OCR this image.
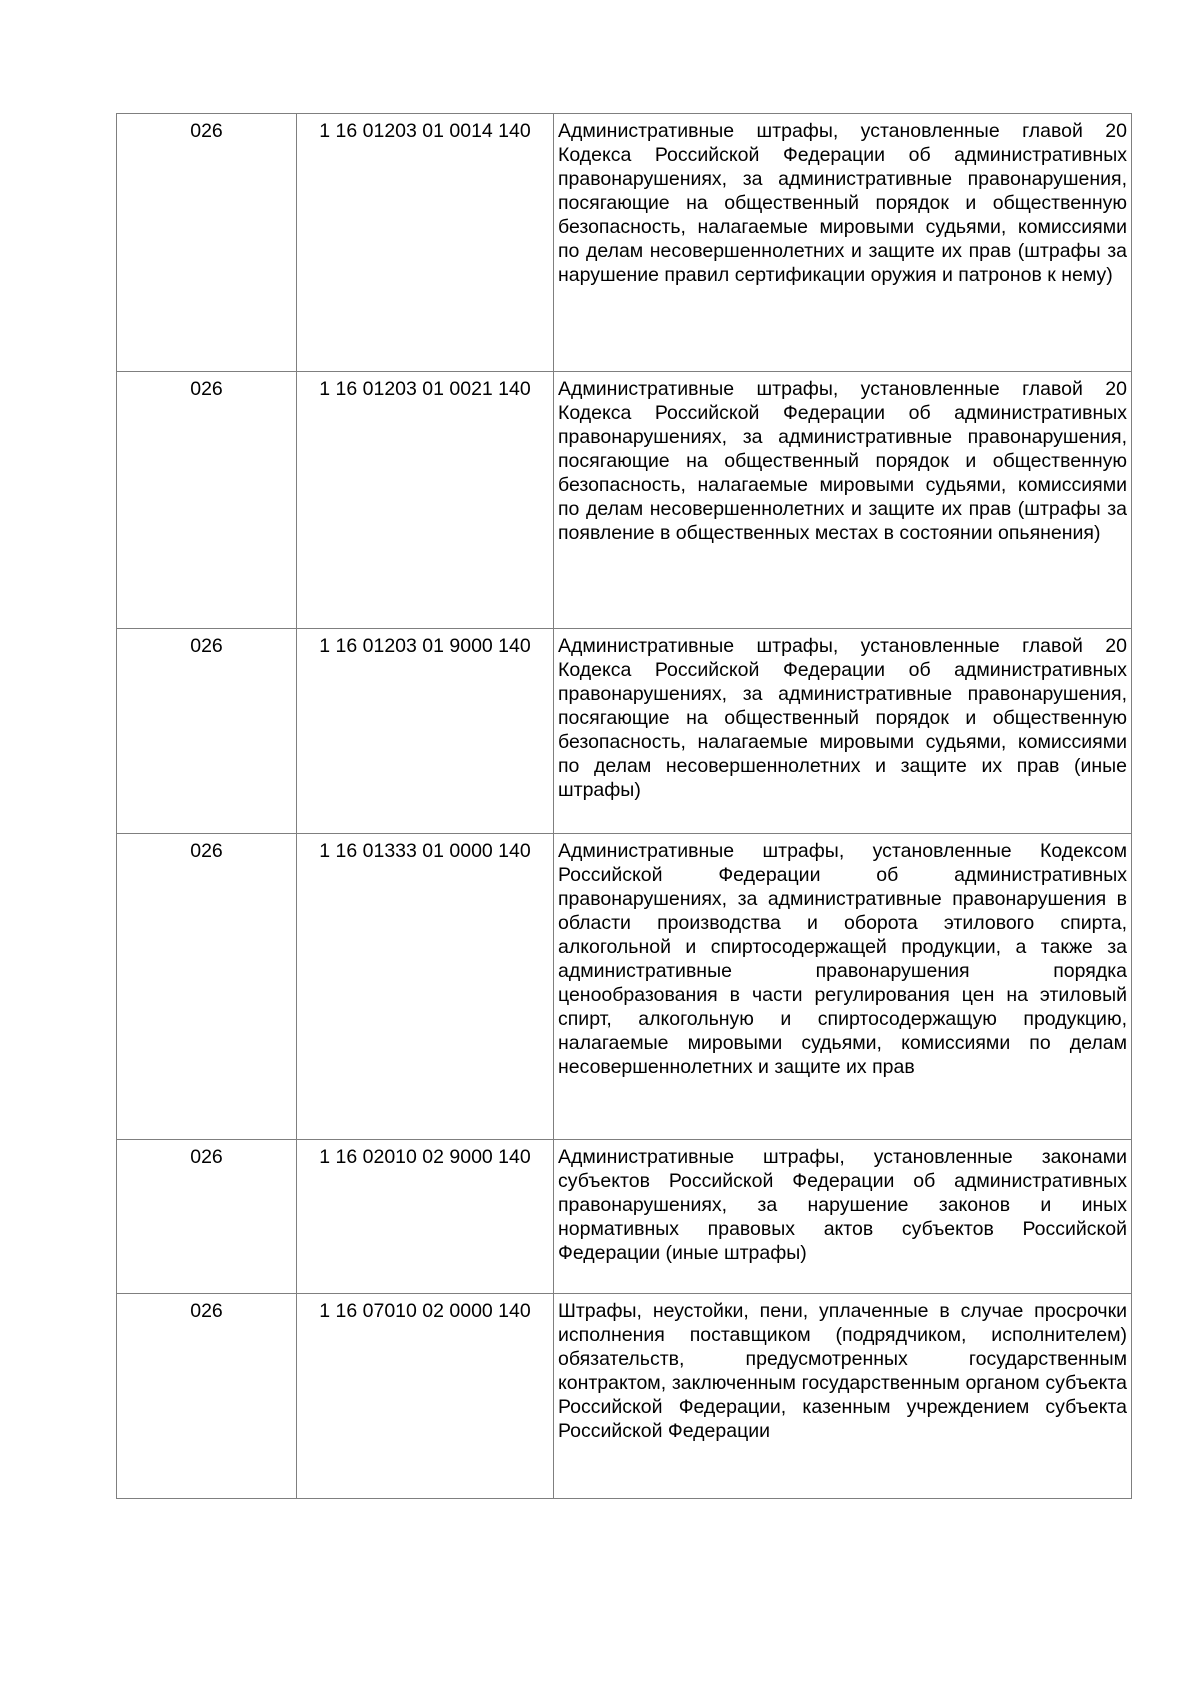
026	1 16 01203 01 0014 140	Административные штрафы, установленные главой 20 Кодекса Российской Федерации об административных правонарушениях, за административные правонарушения, посягающие на общественный порядок и общественную безопасность, налагаемые мировыми судьями, комиссиями по делам несовершеннолетних и защите их прав (штрафы за нарушение правил сертификации оружия и патронов к нему)
026	1 16 01203 01 0021 140	Административные штрафы, установленные главой 20 Кодекса Российской Федерации об административных правонарушениях, за административные правонарушения, посягающие на общественный порядок и общественную безопасность, налагаемые мировыми судьями, комиссиями по делам несовершеннолетних и защите их прав (штрафы за появление в общественных местах в состоянии опьянения)
026	1 16 01203 01 9000 140	Административные штрафы, установленные главой 20 Кодекса Российской Федерации об административных правонарушениях, за административные правонарушения, посягающие на общественный порядок и общественную безопасность, налагаемые мировыми судьями, комиссиями по делам несовершеннолетних и защите их прав (иные штрафы)
026	1 16 01333 01 0000 140	Административные штрафы, установленные Кодексом Российской Федерации об административных правонарушениях, за административные правонарушения в области производства и оборота этилового спирта, алкогольной и спиртосодержащей продукции, а также за административные правонарушения порядка ценообразования в части регулирования цен на этиловый спирт, алкогольную и спиртосодержащую продукцию, налагаемые мировыми судьями, комиссиями по делам несовершеннолетних и защите их прав
026	1 16 02010 02 9000 140	Административные штрафы, установленные законами субъектов Российской Федерации об административных правонарушениях, за нарушение законов и иных нормативных правовых актов субъектов Российской Федерации (иные штрафы)
026	1 16 07010 02 0000 140	Штрафы, неустойки, пени, уплаченные в случае просрочки исполнения поставщиком (подрядчиком, исполнителем) обязательств, предусмотренных государственным контрактом, заключенным государственным органом субъекта Российской Федерации, казенным учреждением субъекта Российской Федерации
